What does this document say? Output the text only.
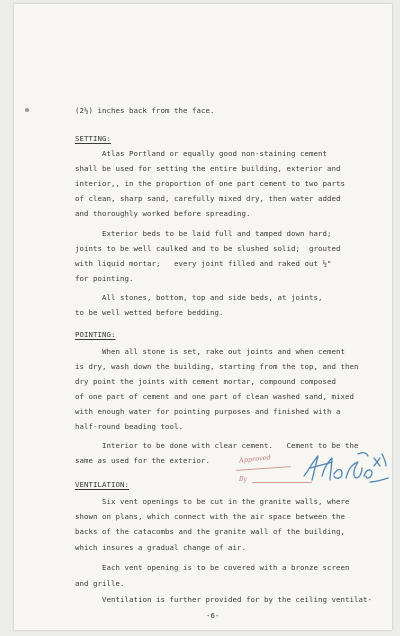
(2½) inches back from the face.
SETTING:
Atlas Portland or equally good non-staining cement
shall be used for setting the entire building, exterior and
interior,, in the proportion of one part cement to two parts
of clean, sharp sand, carefully mixed dry, then water added
and thoroughly worked before spreading.
Exterior beds to be laid full and tamped down hard;
joints to be well caulked and to be slushed solid;  grouted
with liquid mortar;   every joint filled and raked out ½"
for pointing.
All stones, bottom, top and side beds, at joints,
to be well wetted before bedding.
POINTING:
When all stone is set, rake out joints and when cement
is dry, wash down the building, starting from the top, and then
dry point the joints with cement mortar, compound composed
of one part of cement and one part of clean washed sand, mixed
with enough water for pointing purposes and finished with a
half-round beading tool.
Interior to be done with clear cement.   Cement to be the
same as used for the exterior.
VENTILATION:
Six vent openings to be cut in the granite walls, where
shown on plans, which connect with the air space between the
backs of the catacombs and the granite wall of the building,
which insures a gradual change of air.
Each vent opening is to be covered with a bronze screen
and grille.
Ventilation is further provided for by the ceiling ventilat-
-6-
Approved
By
